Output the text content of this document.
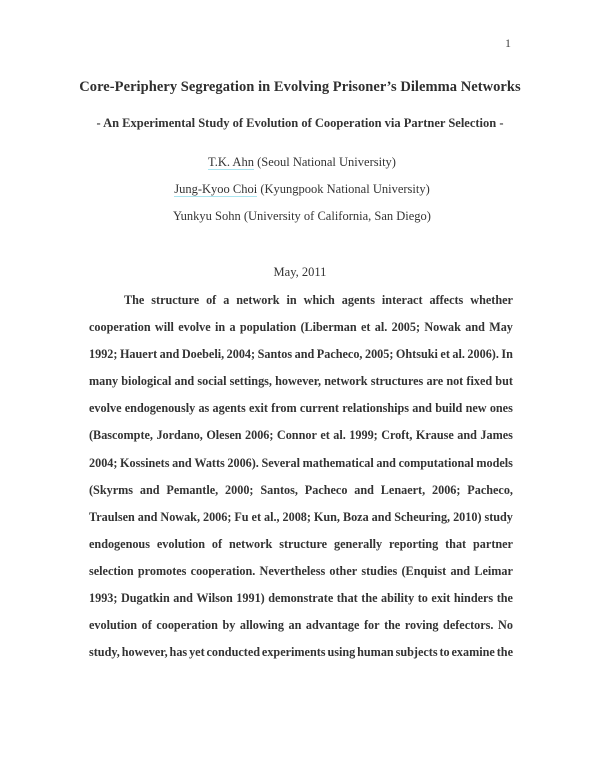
1
Core-Periphery Segregation in Evolving Prisoner’s Dilemma Networks
- An Experimental Study of Evolution of Cooperation via Partner Selection -
T.K. Ahn (Seoul National University)
Jung-Kyoo Choi (Kyungpook National University)
Yunkyu Sohn (University of California, San Diego)
May, 2011
The structure of a network in which agents interact affects whether
cooperation will evolve in a population (Liberman et al. 2005; Nowak and May
1992; Hauert and Doebeli, 2004; Santos and Pacheco, 2005; Ohtsuki et al. 2006). In
many biological and social settings, however, network structures are not fixed but
evolve endogenously as agents exit from current relationships and build new ones
(Bascompte, Jordano, Olesen 2006; Connor et al. 1999; Croft, Krause and James
2004; Kossinets and Watts 2006). Several mathematical and computational models
(Skyrms and Pemantle, 2000; Santos, Pacheco and Lenaert, 2006; Pacheco,
Traulsen and Nowak, 2006; Fu et al., 2008; Kun, Boza and Scheuring, 2010) study
endogenous evolution of network structure generally reporting that partner
selection promotes cooperation. Nevertheless other studies (Enquist and Leimar
1993; Dugatkin and Wilson 1991) demonstrate that the ability to exit hinders the
evolution of cooperation by allowing an advantage for the roving defectors. No
study, however, has yet conducted experiments using human subjects to examine the
